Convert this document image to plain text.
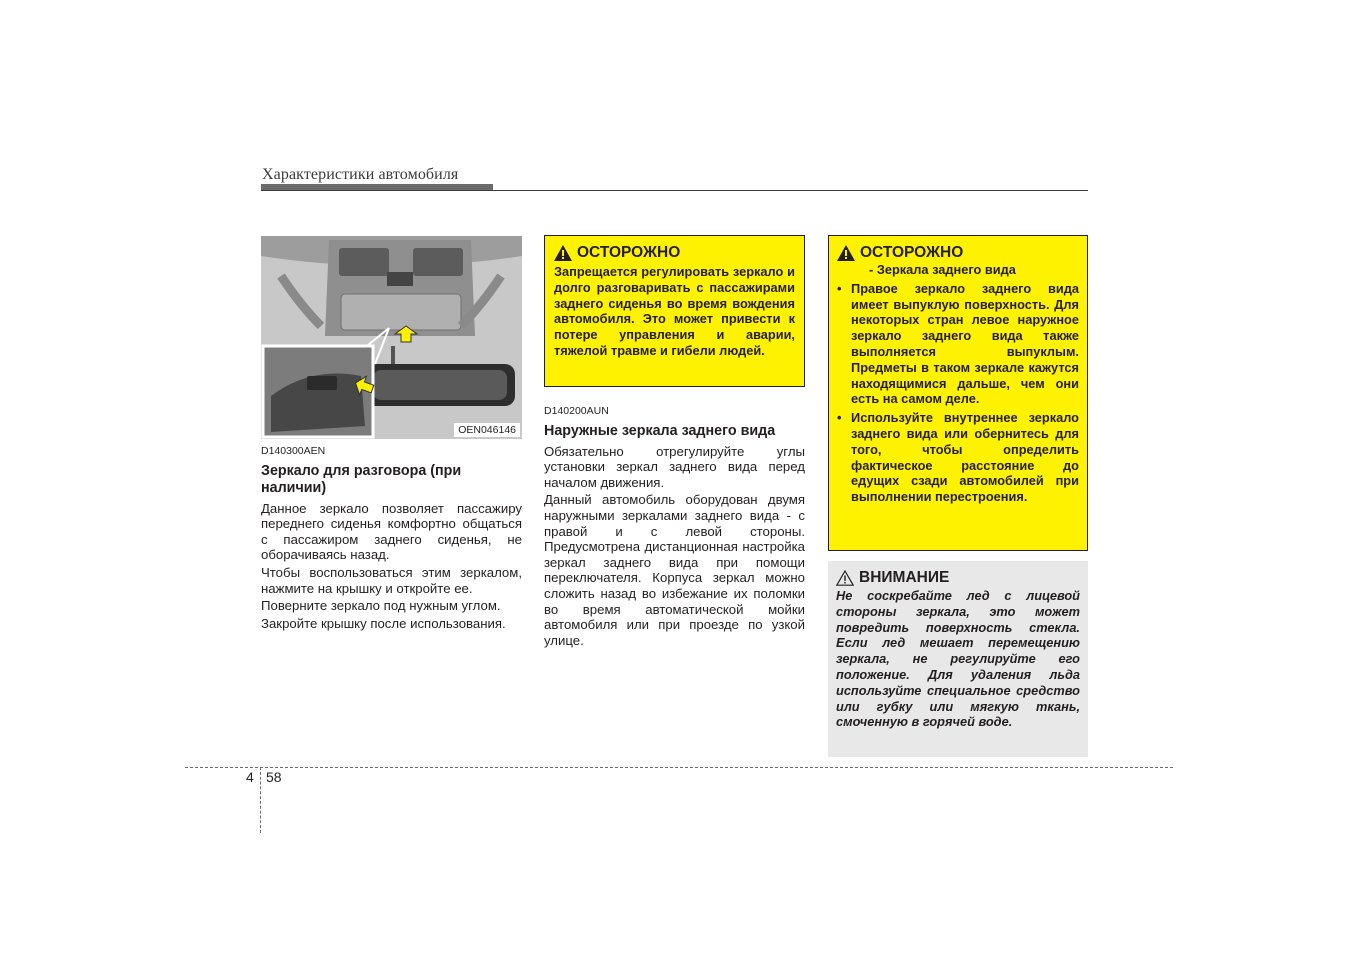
Характеристики автомобиля
OEN046146
D140300AEN
Зеркало для разговора (при наличии)

Данное зеркало позволяет пассажиру переднего сиденья комфортно общаться с пассажиром заднего сиденья, не оборачиваясь назад.

Чтобы воспользоваться этим зеркалом, нажмите на крышку и откройте ее.

Поверните зеркало под нужным углом.

Закройте крышку после использования.

ОСТОРОЖНО
Запрещается регулировать зеркало и долго разговаривать с пассажирами заднего сиденья во время вождения автомобиля. Это может привести к потере управления и аварии, тяжелой травме и гибели людей.
D140200AUN
Наружные зеркала заднего вида

Обязательно отрегулируйте углы установки зеркал заднего вида перед началом движения.

Данный автомобиль оборудован двумя наружными зеркалами заднего вида - с правой и с левой стороны. Предусмотрена дистанционная настройка зеркал заднего вида при помощи переключателя. Корпуса зеркал можно сложить назад во избежание их поломки во время автоматической мойки автомобиля или при проезде по узкой улице.

ОСТОРОЖНО
- Зеркала заднего вида
• Правое зеркало заднего вида имеет выпуклую поверхность. Для некоторых стран левое наружное зеркало заднего вида также выполняется выпуклым. Предметы в таком зеркале кажутся находящимися дальше, чем они есть на самом деле.
• Используйте внутреннее зеркало заднего вида или обернитесь для того, чтобы определить фактическое расстояние до едущих сзади автомобилей при выполнении перестроения.
ВНИМАНИЕ
Не соскребайте лед с лицевой стороны зеркала, это может повредить поверхность стекла. Если лед мешает перемещению зеркала, не регулируйте его положение. Для удаления льда используйте специальное средство или губку или мягкую ткань, смоченную в горячей воде.
4 58
